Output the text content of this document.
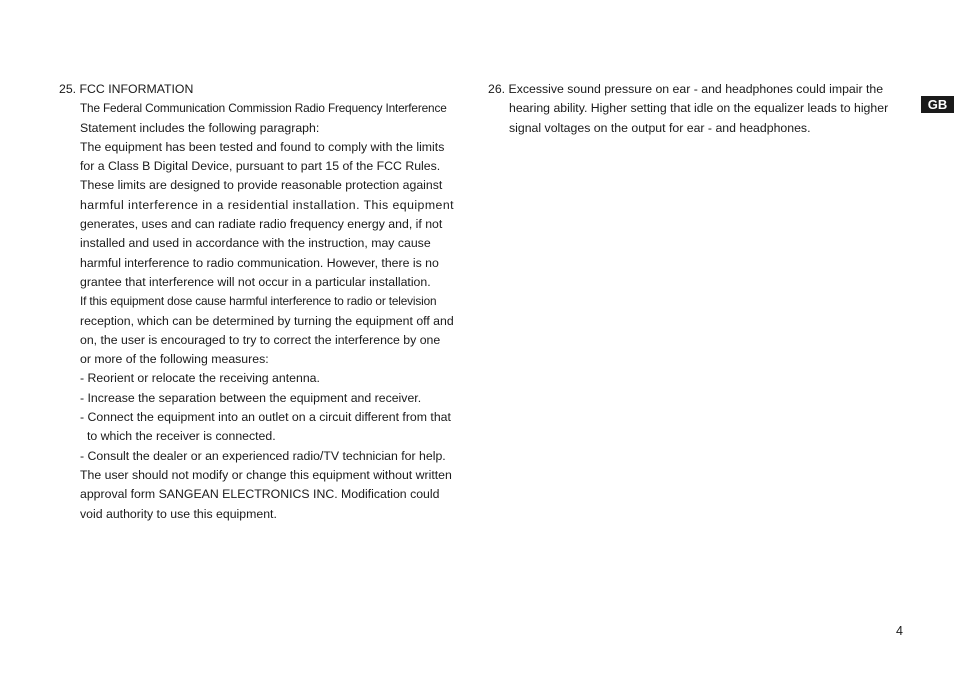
25. FCC INFORMATION
The Federal Communication Commission Radio Frequency Interference
Statement includes the following paragraph:
The equipment has been tested and found to comply with the limits
for a Class B Digital Device, pursuant to part 15 of the FCC Rules.
These limits are designed to provide reasonable protection against
harmful interference in a residential installation. This equipment
generates, uses and can radiate radio frequency energy and, if not
installed and used in accordance with the instruction, may cause
harmful interference to radio communication. However, there is no
grantee that interference will not occur in a particular installation.
If this equipment dose cause harmful interference to radio or television
reception, which can be determined by turning the equipment off and
on, the user is encouraged to try to correct the interference by one
or more of the following measures:
- Reorient or relocate the receiving antenna.
- Increase the separation between the equipment and receiver.
- Connect the equipment into an outlet on a circuit different from that
to which the receiver is connected.
- Consult the dealer or an experienced radio/TV technician for help.
The user should not modify or change this equipment without written
approval form SANGEAN ELECTRONICS INC. Modification could
void authority to use this equipment.
26. Excessive sound pressure on ear - and headphones could impair the
hearing ability. Higher setting that idle on the equalizer leads to higher
signal voltages on the output for ear - and headphones.
GB
4
